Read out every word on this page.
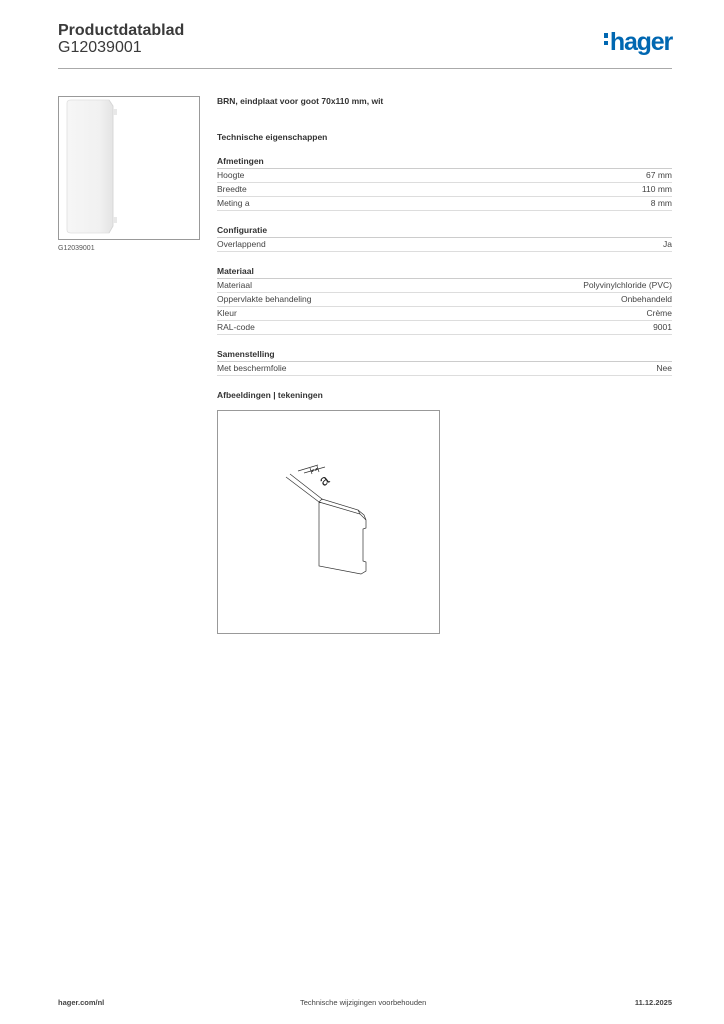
Productdatablad
G12039001	hager
G12039001
BRN, eindplaat voor goot 70x110 mm, wit
Technische eigenschappen
Afmetingen
Hoogte	67 mm
Breedte	110 mm
Meting a	8 mm
Configuratie
Overlappend	Ja
Materiaal
Materiaal	Polyvinylchloride (PVC)
Oppervlakte behandeling	Onbehandeld
Kleur	Crème
RAL-code	9001
Samenstelling
Met beschermfolie	Nee
Afbeeldingen | tekeningen
a
hager.com/nl	Technische wijzigingen voorbehouden	11.12.2025
